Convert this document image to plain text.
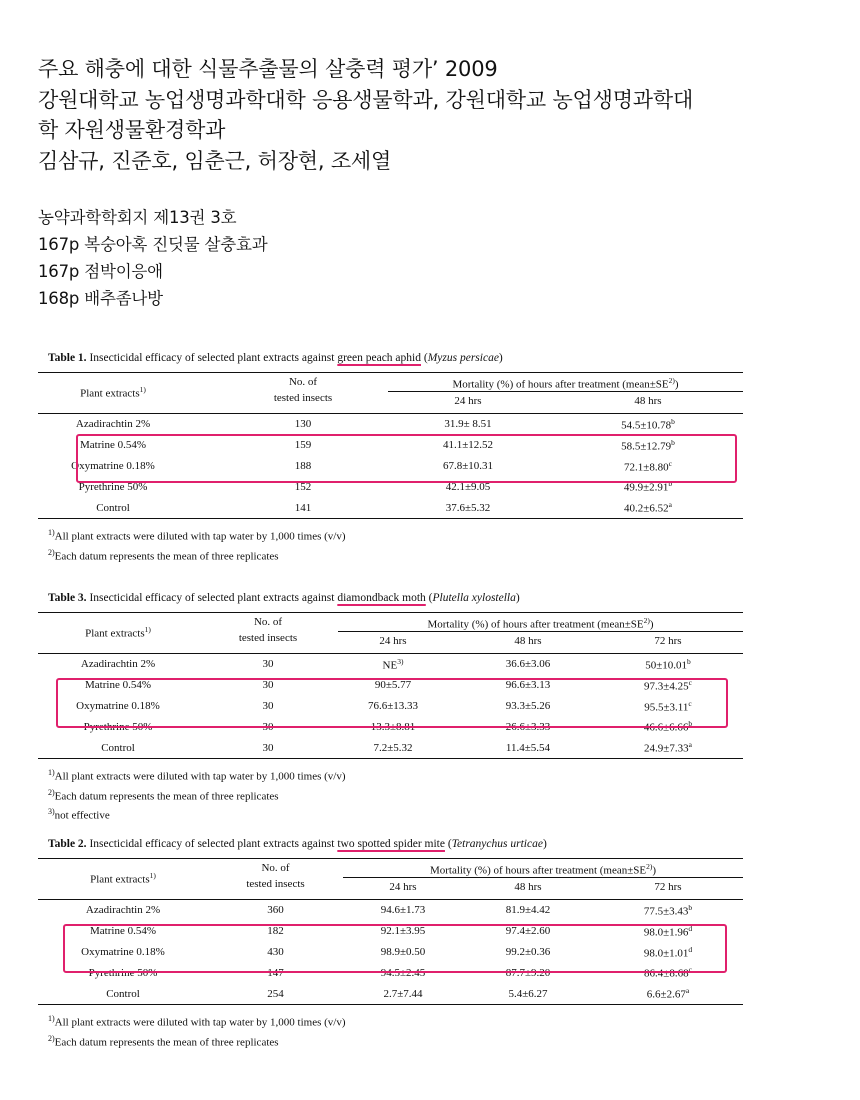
주요 해충에 대한 식물추출물의 살충력 평가’ 2009
강원대학교 농업생명과학대학 응용생물학과, 강원대학교 농업생명과학대
학 자원생물환경학과
김삼규, 진준호, 임춘근, 허장현, 조세열
농약과학학회지 제13권 3호
167p 복숭아혹 진딧물 살충효과
167p 점박이응애
168p 배추좀나방
Table 1. Insecticidal efficacy of selected plant extracts against green peach aphid (Myzus persicae)
Plant extracts$^{1)}$
No. of
tested insects
Mortality (%) of hours after treatment $(mean\pm SE^{2)})$
24 hrs	48 hrs
Azadirachtin 2%	130	31.9± 8.51	54.5±10.78$^b$
Matrine 0.54%	159	41.1±12.52	58.5±12.79$^b$
Oxymatrine 0.18%	188	67.8±10.31	72.1±8.80$^c$
Pyrethrine 50%	152	42.1±9.05	49.9±2.91$^b$
Control	141	37.6±5.32	40.2±6.52$^a$
$^{1)}$All plant extracts were diluted with tap water by 1,000 times (v/v)
$^{2)}$Each datum represents the mean of three replicates
Table 3. Insecticidal efficacy of selected plant extracts against diamondback moth (Plutella xylostella)
Plant extracts$^{1)}$
No. of
tested insects
Mortality (%) of hours after treatment $(mean\pm SE^{2)})$
24 hrs	48 hrs	72 hrs
Azadirachtin 2%	30	NE$^{3)}$	36.6±3.06	50±10.01$^b$
Matrine 0.54%	30	90±5.77	96.6±3.13	97.3±4.25$^c$
Oxymatrine 0.18%	30	76.6±13.33	93.3±5.26	95.5±3.11$^c$
Pyrethrine 50%	30	13.3±8.81	26.6±3.33	46.6±6.66$^b$
Control	30	7.2±5.32	11.4±5.54	24.9±7.33$^a$
$^{1)}$All plant extracts were diluted with tap water by 1,000 times (v/v)
$^{2)}$Each datum represents the mean of three replicates
$^{3)}$not effective
Table 2. Insecticidal efficacy of selected plant extracts against two spotted spider mite (Tetranychus urticae)
Plant extracts$^{1)}$
No. of
tested insects
Mortality (%) of hours after treatment $(mean\pm SE^{2)})$
24 hrs	48 hrs	72 hrs
Azadirachtin 2%	360	94.6±1.73	81.9±4.42	77.5±3.43$^b$
Matrine 0.54%	182	92.1±3.95	97.4±2.60	98.0±1.96$^d$
Oxymatrine 0.18%	430	98.9±0.50	99.2±0.36	98.0±1.01$^d$
Pyrethrine 50%	147	94.5±2.45	87.7±9.20	86.4±8.68$^c$
Control	254	2.7±7.44	5.4±6.27	6.6±2.67$^a$
$^{1)}$All plant extracts were diluted with tap water by 1,000 times (v/v)
$^{2)}$Each datum represents the mean of three replicates
